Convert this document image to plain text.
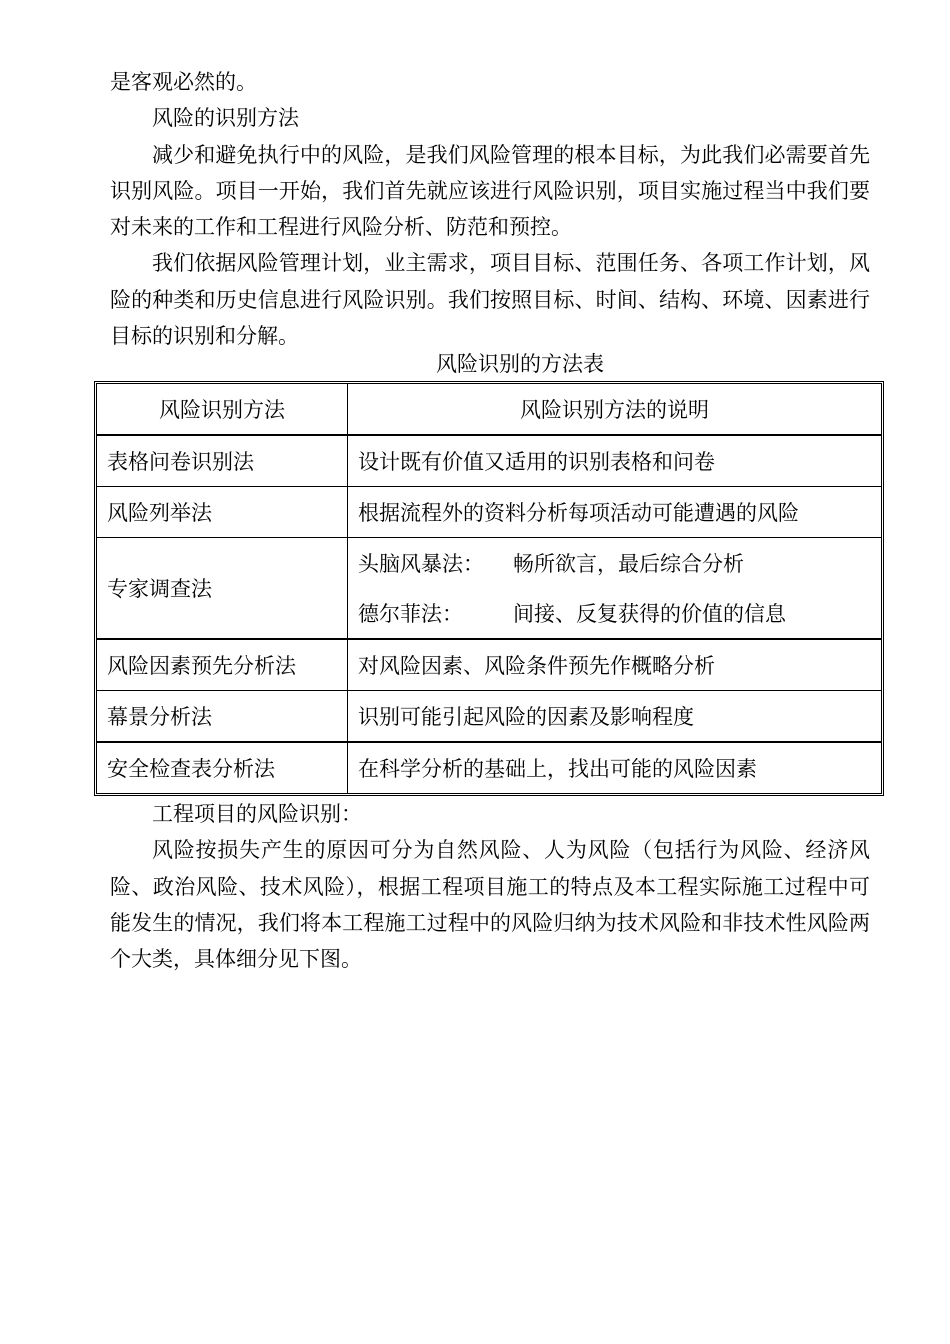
是客观必然的。

风险的识别方法

减少和避免执行中的风险，是我们风险管理的根本目标，为此我们必需要首先识别风险。项目一开始，我们首先就应该进行风险识别，项目实施过程当中我们要对未来的工作和工程进行风险分析、防范和预控。

我们依据风险管理计划，业主需求，项目目标、范围任务、各项工作计划，风险的种类和历史信息进行风险识别。我们按照目标、时间、结构、环境、因素进行目标的识别和分解。

风险识别的方法表
风险识别方法	风险识别方法的说明
表格问卷识别法	设计既有价值又适用的识别表格和问卷
风险列举法	根据流程外的资料分析每项活动可能遭遇的风险
专家调查法	头脑风暴法： 畅所欲言，最后综合分析
德尔菲法： 间接、反复获得的价值的信息

风险因素预先分析法	对风险因素、风险条件预先作概略分析
幕景分析法	识别可能引起风险的因素及影响程度
安全检查表分析法	在科学分析的基础上，找出可能的风险因素

工程项目的风险识别：

风险按损失产生的原因可分为自然风险、人为风险（包括行为风险、经济风险、政治风险、技术风险），根据工程项目施工的特点及本工程实际施工过程中可能发生的情况，我们将本工程施工过程中的风险归纳为技术风险和非技术性风险两个大类，具体细分见下图。
